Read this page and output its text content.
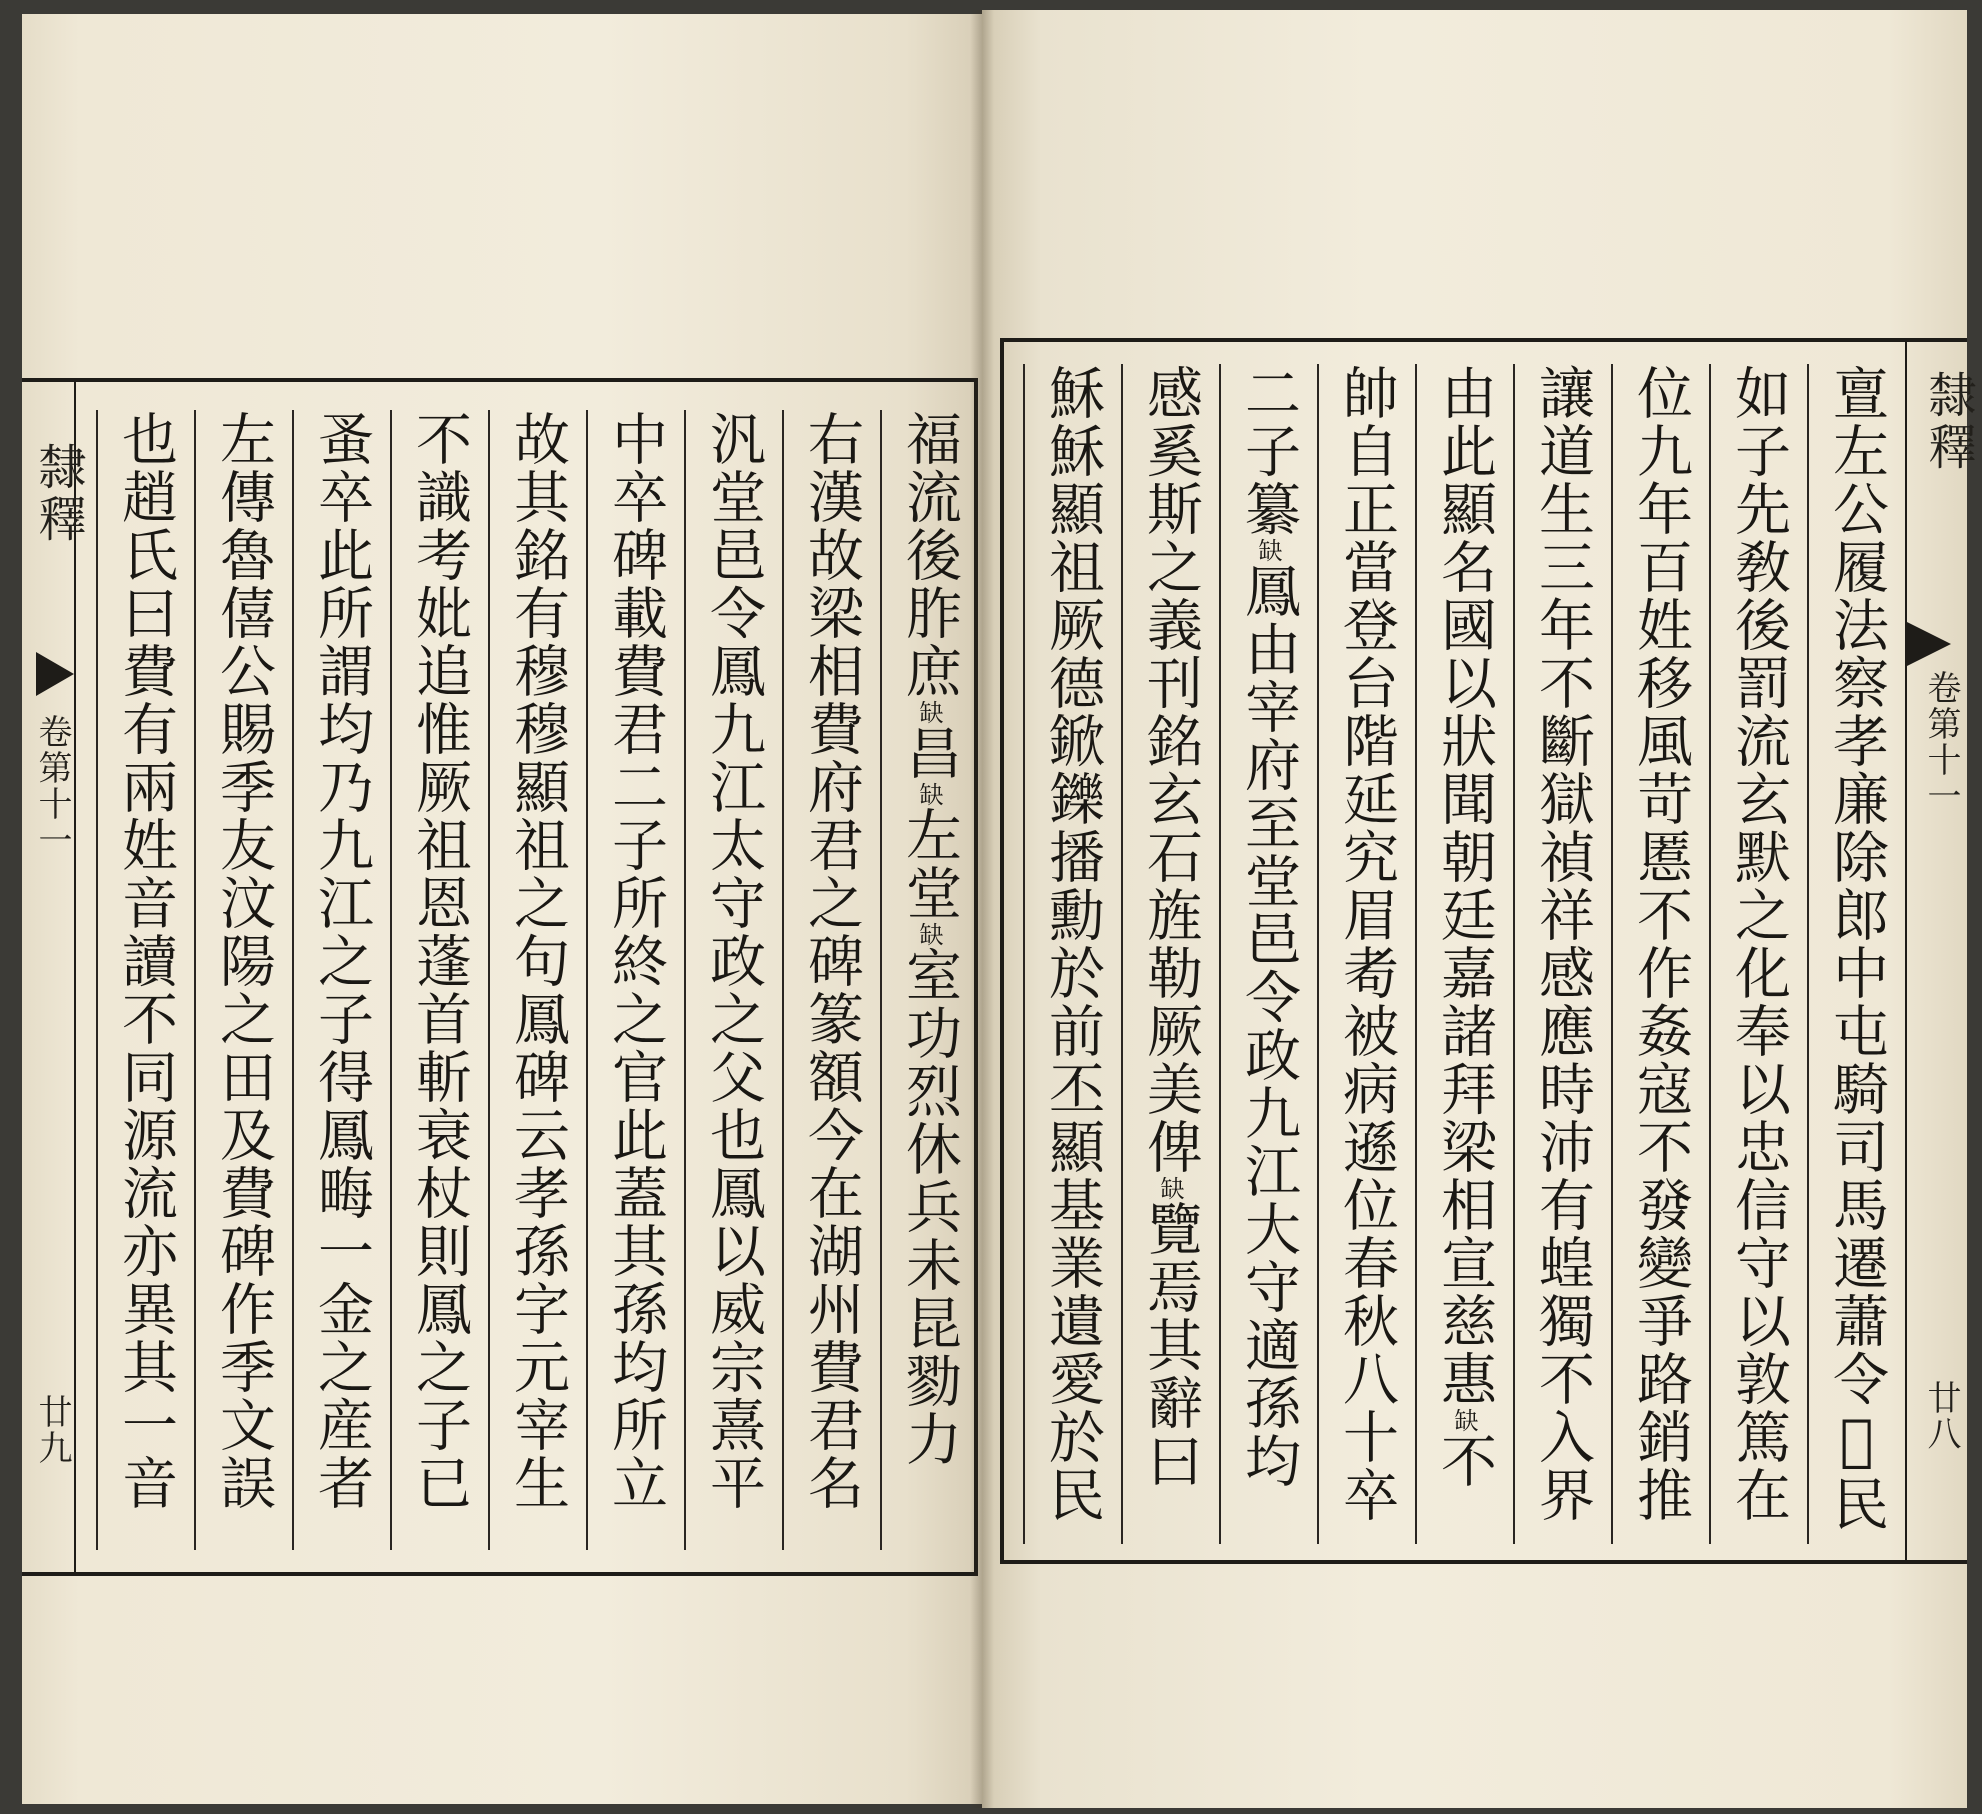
隸釋
卷第十一
廿九
福流後胙庶缺昌缺左堂缺室功烈休兵未昆勠力
右漢故梁相費府君之碑篆額今在湖州費君名
汎堂邑令鳳九江太守政之父也鳳以威宗熹平
中卒碑載費君二子所終之官此蓋其孫均所立
故其銘有穆穆顯祖之句鳳碑云孝孫字元宰生
不識考妣追惟厥祖恩蓬首斬衰杖則鳳之子已
蚤卒此所謂均乃九江之子得鳳畮一金之産者
左傳魯僖公賜季友汶陽之田及費碑作季文誤
也趙氏曰費有兩姓音讀不同源流亦異其一音	隸釋
卷第十一
廿八
亶左公履法察孝廉除郎中屯騎司馬遷蕭令𤀃民
如子先敎後罰流玄默之化奉以忠信守以敦篤在
位九年百姓移風苛慝不作姦寇不發變爭路銷推
讓道生三年不斷獄禎祥感應時沛有蝗獨不入界
由此顯名國以狀聞朝廷嘉諸拜梁相宣慈惠缺不
帥自正當登台階延究眉耇被病遜位春秋八十卒
二子纂缺鳳由宰府至堂邑令政九江大守適孫均
感奚斯之義刊銘玄石旌勒厥美俾缺覽焉其辭曰
穌穌顯祖厥德鍁鑠播勳於前丕顯基業遺愛於民
